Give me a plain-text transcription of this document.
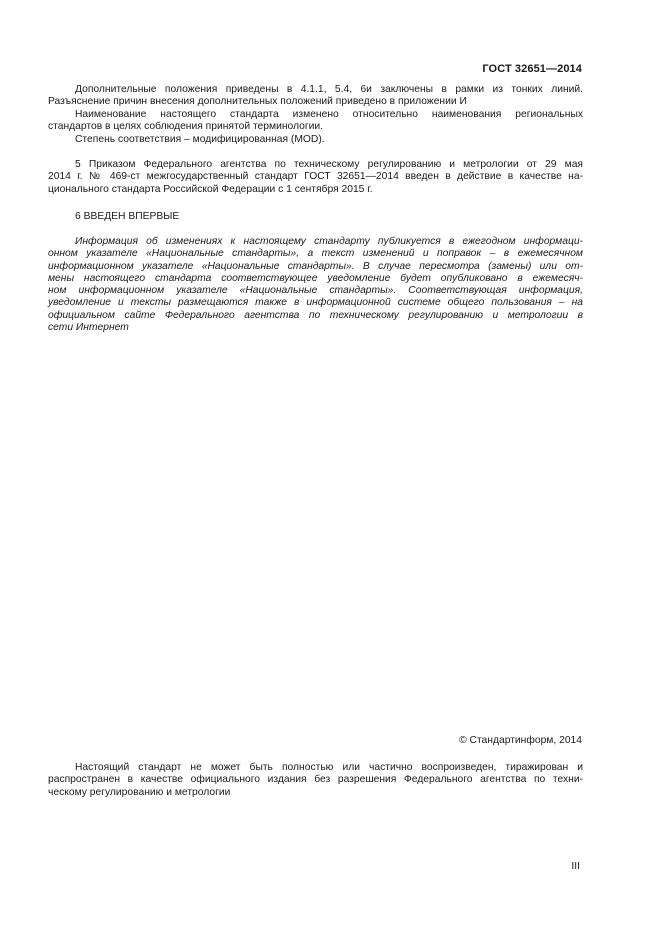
ГОСТ 32651—2014
Дополнительные положения приведены в 4.1.1, 5.4, 6и заключены в рамки из тонких линий.
Разъяснение причин внесения дополнительных положений приведено в приложении И
Наименование настоящего стандарта изменено относительно наименования региональных
стандартов в целях соблюдения принятой терминологии.
Степень соответствия – модифицированная (MOD).
5 Приказом Федерального агентства по техническому регулированию и метрологии от 29 мая
2014 г. № 469-ст межгосударственный стандарт ГОСТ 32651—2014 введен в действие в качестве на-
ционального стандарта Российской Федерации с 1 сентября 2015 г.
6 ВВЕДЕН ВПЕРВЫЕ
Информация об изменениях к настоящему стандарту публикуется в ежегодном информаци-
онном указателе «Национальные стандарты», а текст изменений и поправок – в ежемесячном
информационном указателе «Национальные стандарты». В случае пересмотра (замены) или от-
мены настоящего стандарта соответствующее уведомление будет опубликовано в ежемесяч-
ном информационном указателе «Национальные стандарты». Соответствующая информация,
уведомление и тексты размещаются также в информационной системе общего пользования – на
официальном сайте Федерального агентства по техническому регулированию и метрологии в
сети Интернет
© Стандартинформ, 2014
Настоящий стандарт не может быть полностью или частично воспроизведен, тиражирован и
распространен в качестве официального издания без разрешения Федерального агентства по техни-
ческому регулированию и метрологии
III
